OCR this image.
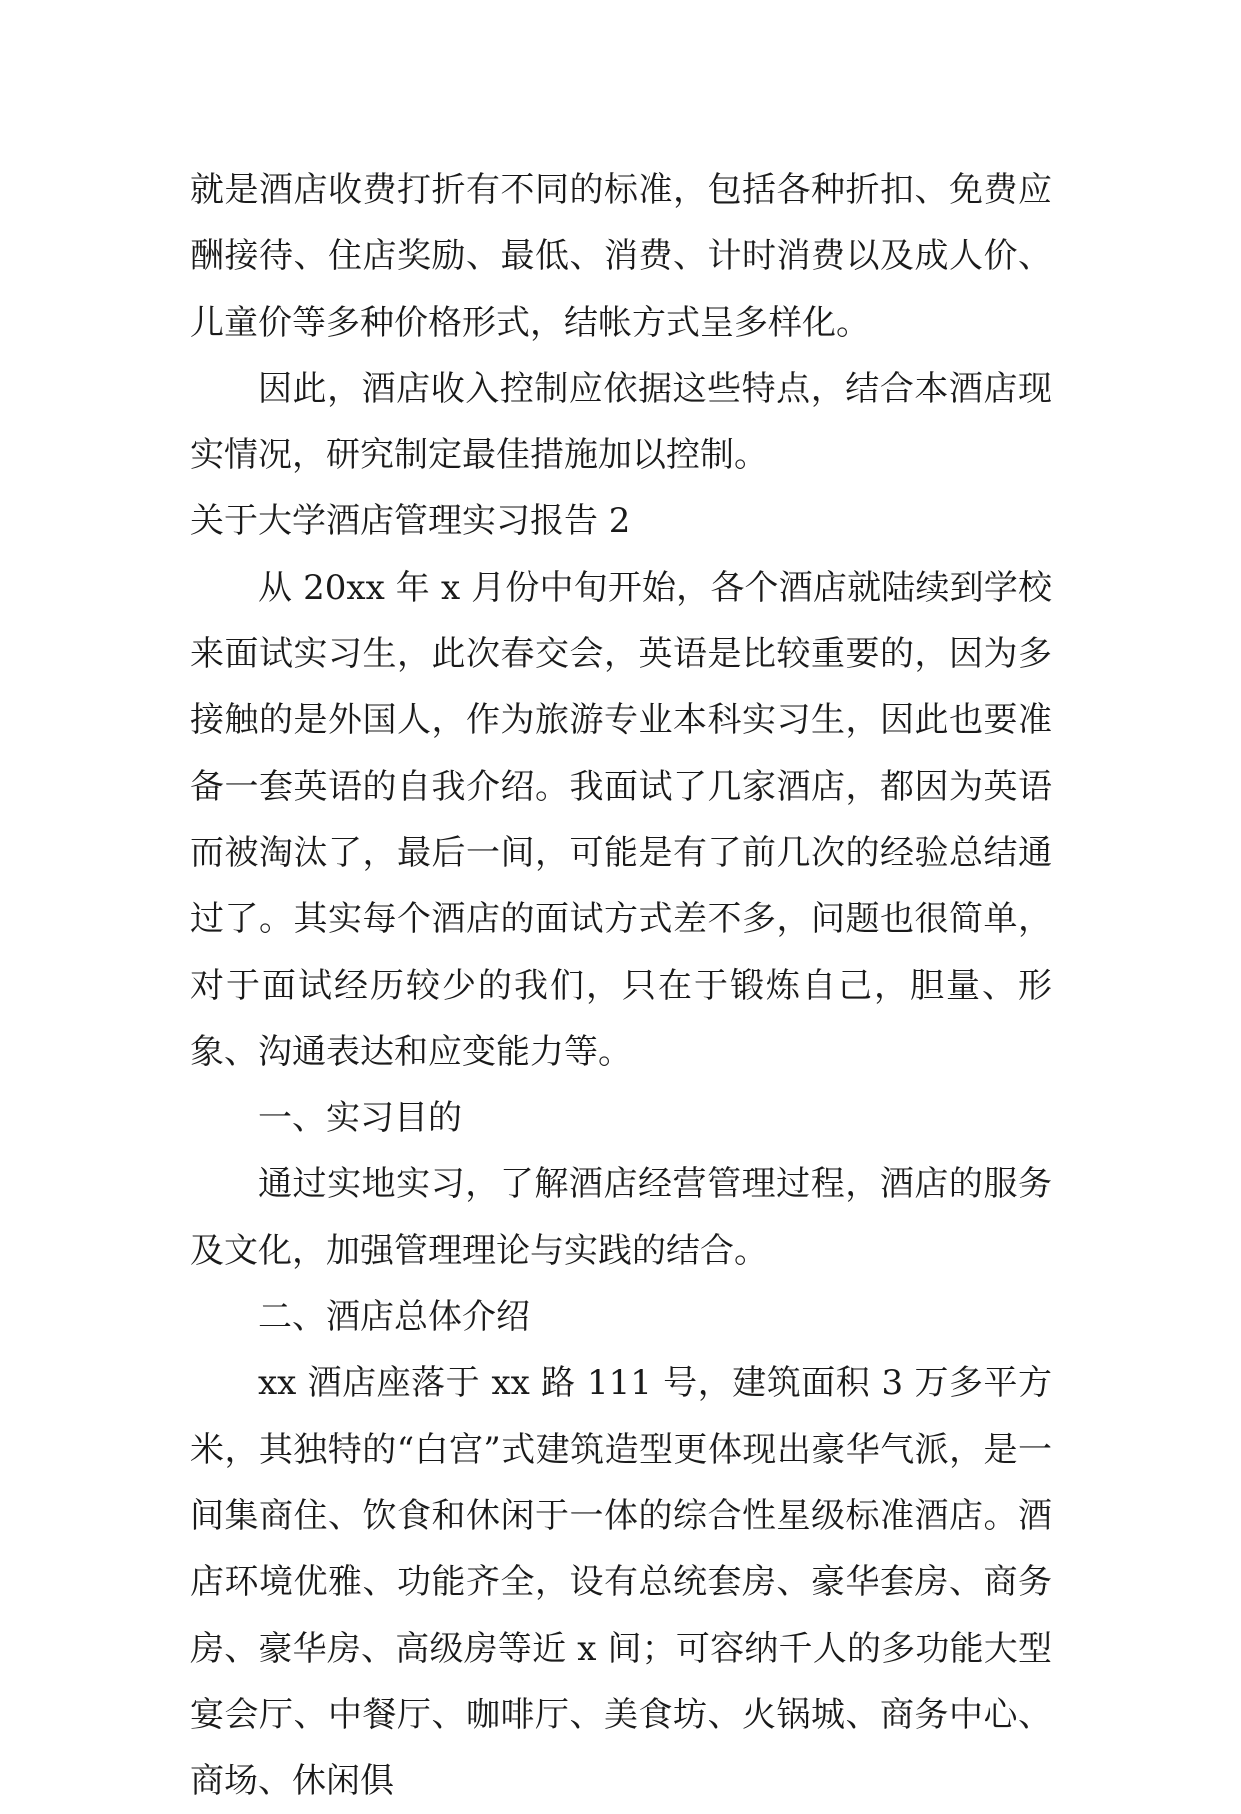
就是酒店收费打折有不同的标准，包括各种折扣、免费应酬接待、住店奖励、最低、消费、计时消费以及成人价、儿童价等多种价格形式，结帐方式呈多样化。

因此，酒店收入控制应依据这些特点，结合本酒店现实情况，研究制定最佳措施加以控制。

关于大学酒店管理实习报告 2

从 20xx 年 x 月份中旬开始，各个酒店就陆续到学校来面试实习生，此次春交会，英语是比较重要的，因为多接触的是外国人，作为旅游专业本科实习生，因此也要准备一套英语的自我介绍。我面试了几家酒店，都因为英语而被淘汰了，最后一间，可能是有了前几次的经验总结通过了。其实每个酒店的面试方式差不多，问题也很简单，对于面试经历较少的我们，只在于锻炼自己，胆量、形象、沟通表达和应变能力等。

一、实习目的

通过实地实习，了解酒店经营管理过程，酒店的服务及文化，加强管理理论与实践的结合。

二、酒店总体介绍

xx 酒店座落于 xx 路 111 号，建筑面积 3 万多平方米，其独特的“白宫”式建筑造型更体现出豪华气派，是一间集商住、饮食和休闲于一体的综合性星级标准酒店。酒店环境优雅、功能齐全，设有总统套房、豪华套房、商务房、豪华房、高级房等近 x 间；可容纳千人的多功能大型宴会厅、中餐厅、咖啡厅、美食坊、火锅城、商务中心、商场、休闲俱
